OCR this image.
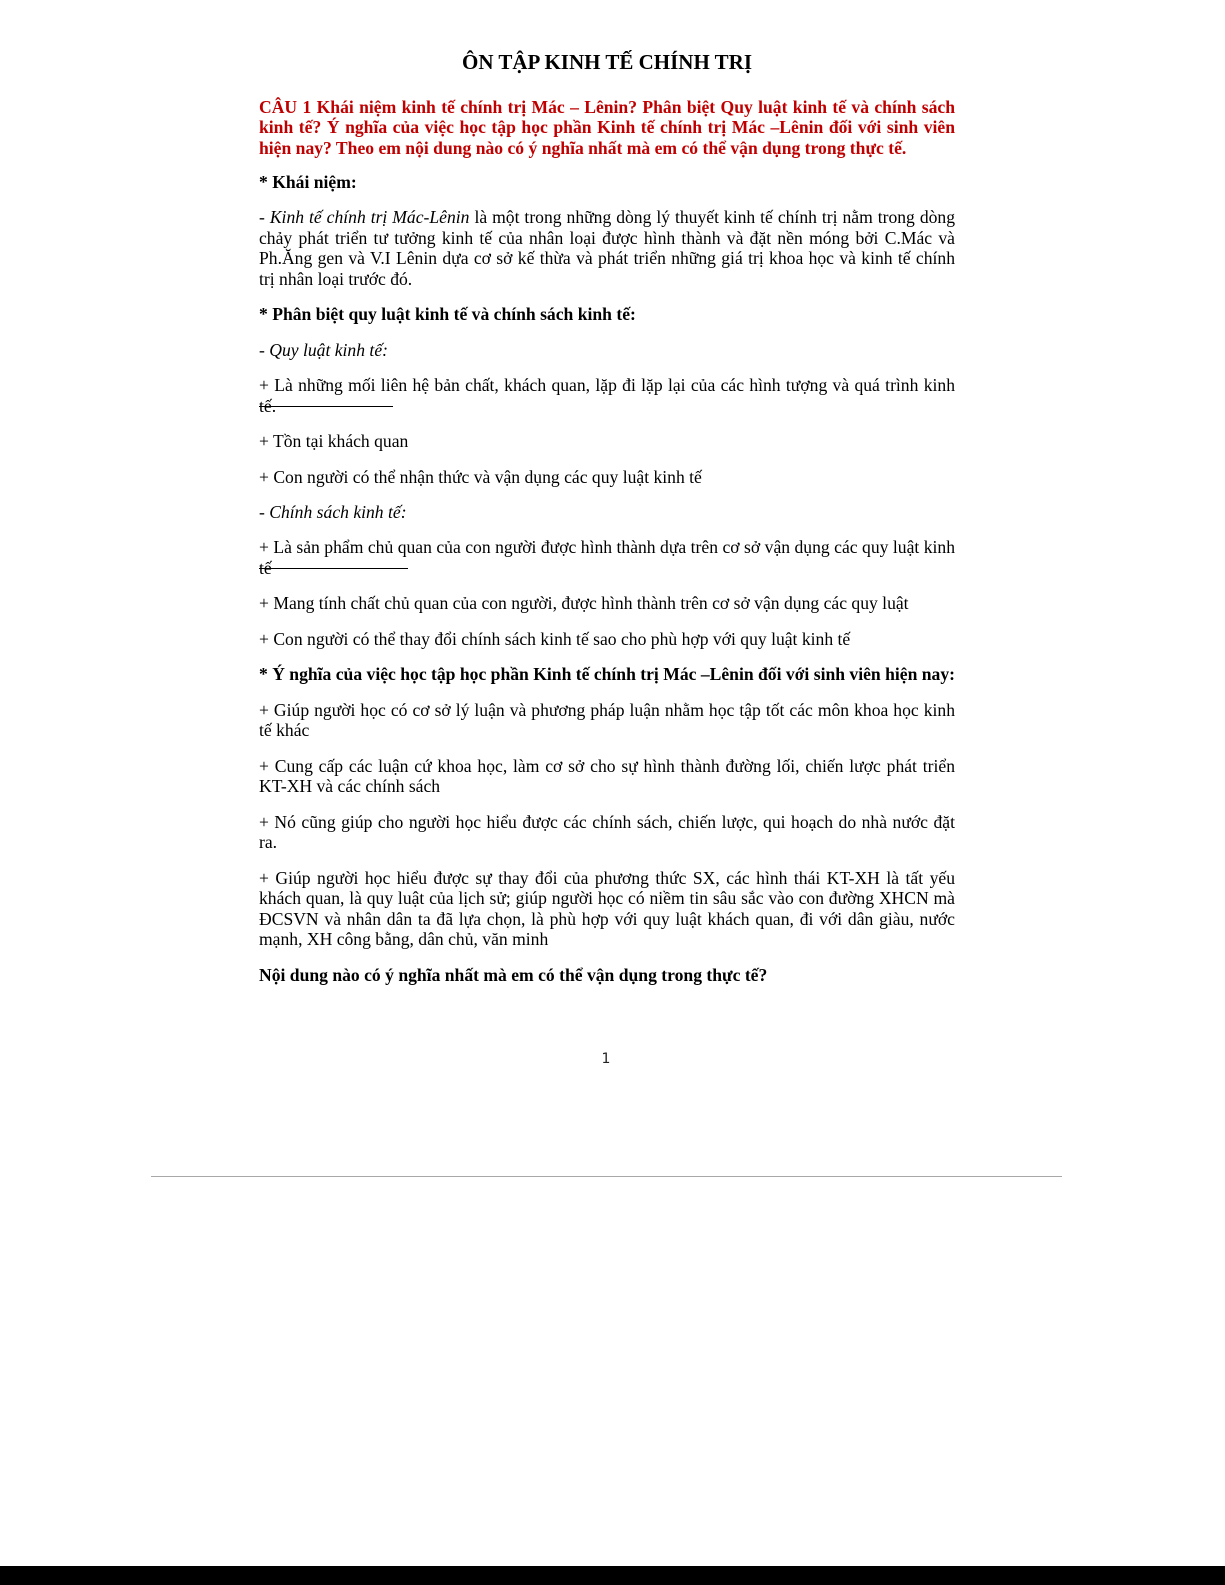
ÔN TẬP KINH TẾ CHÍNH TRỊ

CÂU 1 Khái niệm kinh tế chính trị Mác – Lênin? Phân biệt Quy luật kinh tế và chính sách kinh tế? Ý nghĩa của việc học tập học phần Kinh tế chính trị Mác –Lênin đối với sinh viên hiện nay? Theo em nội dung nào có ý nghĩa nhất mà em có thể vận dụng trong thực tế.

* Khái niệm:

- Kinh tế chính trị Mác-Lênin là một trong những dòng lý thuyết kinh tế chính trị nằm trong dòng chảy phát triển tư tưởng kinh tế của nhân loại được hình thành và đặt nền móng bởi C.Mác và Ph.Ăng gen và V.I Lênin dựa cơ sở kế thừa và phát triển những giá trị khoa học và kinh tế chính trị nhân loại trước đó.

* Phân biệt quy luật kinh tế và chính sách kinh tế:

- Quy luật kinh tế:

+ Là những mối liên hệ bản chất, khách quan, lặp đi lặp lại của các hình tượng và quá trình kinh tế.

+ Tồn tại khách quan

+ Con người có thể nhận thức và vận dụng các quy luật kinh tế

- Chính sách kinh tế:

+ Là sản phẩm chủ quan của con người được hình thành dựa trên cơ sở vận dụng các quy luật kinh tế

+ Mang tính chất chủ quan của con người, được hình thành trên cơ sở vận dụng các quy luật

+ Con người có thể thay đổi chính sách kinh tế sao cho phù hợp với quy luật kinh tế

* Ý nghĩa của việc học tập học phần Kinh tế chính trị Mác –Lênin đối với sinh viên hiện nay:

+ Giúp người học có cơ sở lý luận và phương pháp luận nhằm học tập tốt các môn khoa học kinh tế khác

+ Cung cấp các luận cứ khoa học, làm cơ sở cho sự hình thành đường lối, chiến lược phát triển KT-XH và các chính sách

+ Nó cũng giúp cho người học hiểu được các chính sách, chiến lược, qui hoạch do nhà nước đặt ra.

+ Giúp người học hiểu được sự thay đổi của phương thức SX, các hình thái KT-XH là tất yếu khách quan, là quy luật của lịch sử; giúp người học có niềm tin sâu sắc vào con đường XHCN mà ĐCSVN và nhân dân ta đã lựa chọn, là phù hợp với quy luật khách quan, đi với dân giàu, nước mạnh, XH công bằng, dân chủ, văn minh

Nội dung nào có ý nghĩa nhất mà em có thể vận dụng trong thực tế?

1
